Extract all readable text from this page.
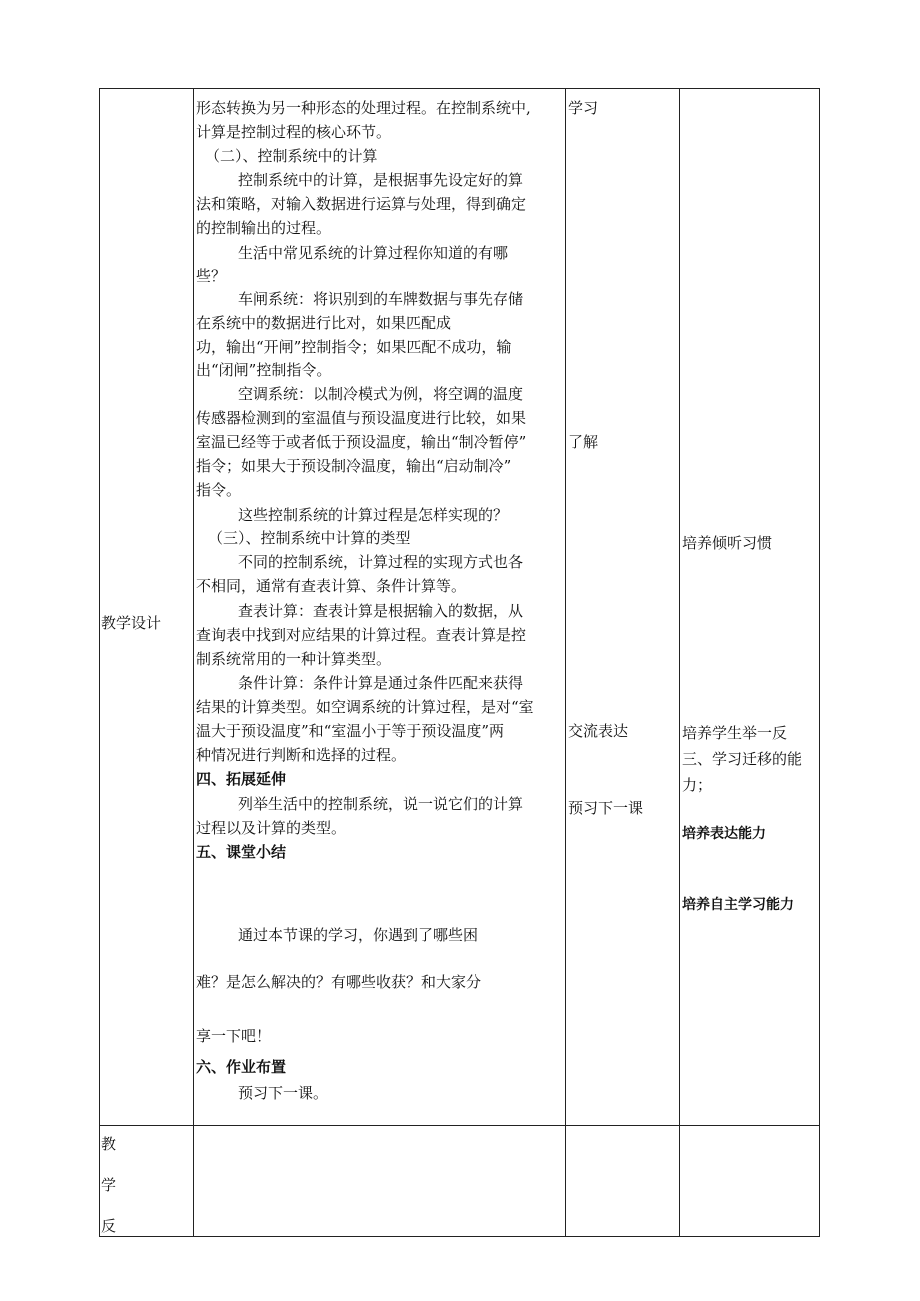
教学设计
形态转换为另一种形态的处理过程。在控制系统中,
计算是控制过程的核心环节。
（二）、控制系统中的计算
控制系统中的计算，是根据事先设定好的算
法和策略，对输入数据进行运算与处理，得到确定
的控制输出的过程。
生活中常见系统的计算过程你知道的有哪
些？
车闸系统：将识别到的车牌数据与事先存储
在系统中的数据进行比对，如果匹配成
功，输出“开闸”控制指令；如果匹配不成功，输
出“闭闸”控制指令。
空调系统：以制冷模式为例，将空调的温度
传感器检测到的室温值与预设温度进行比较，如果
室温已经等于或者低于预设温度，输出“制冷暂停”
指令；如果大于预设制冷温度，输出“启动制冷”
指令。
这些控制系统的计算过程是怎样实现的？
（三）、控制系统中计算的类型
不同的控制系统，计算过程的实现方式也各
不相同，通常有查表计算、条件计算等。
查表计算：查表计算是根据输入的数据，从
查询表中找到对应结果的计算过程。查表计算是控
制系统常用的一种计算类型。
条件计算：条件计算是通过条件匹配来获得
结果的计算类型。如空调系统的计算过程，是对“室
温大于预设温度”和“室温小于等于预设温度”两
种情况进行判断和选择的过程。
四、拓展延伸
列举生活中的控制系统，说一说它们的计算
过程以及计算的类型。
五、课堂小结
通过本节课的学习，你遇到了哪些困
难？是怎么解决的？有哪些收获？和大家分
享一下吧！
六、作业布置
预习下一课。
学习
了解
交流表达
预习下一课
培养倾听习惯
培养学生举一反
三、学习迁移的能
力；
培养表达能力
培养自主学习能力
教
学
反
